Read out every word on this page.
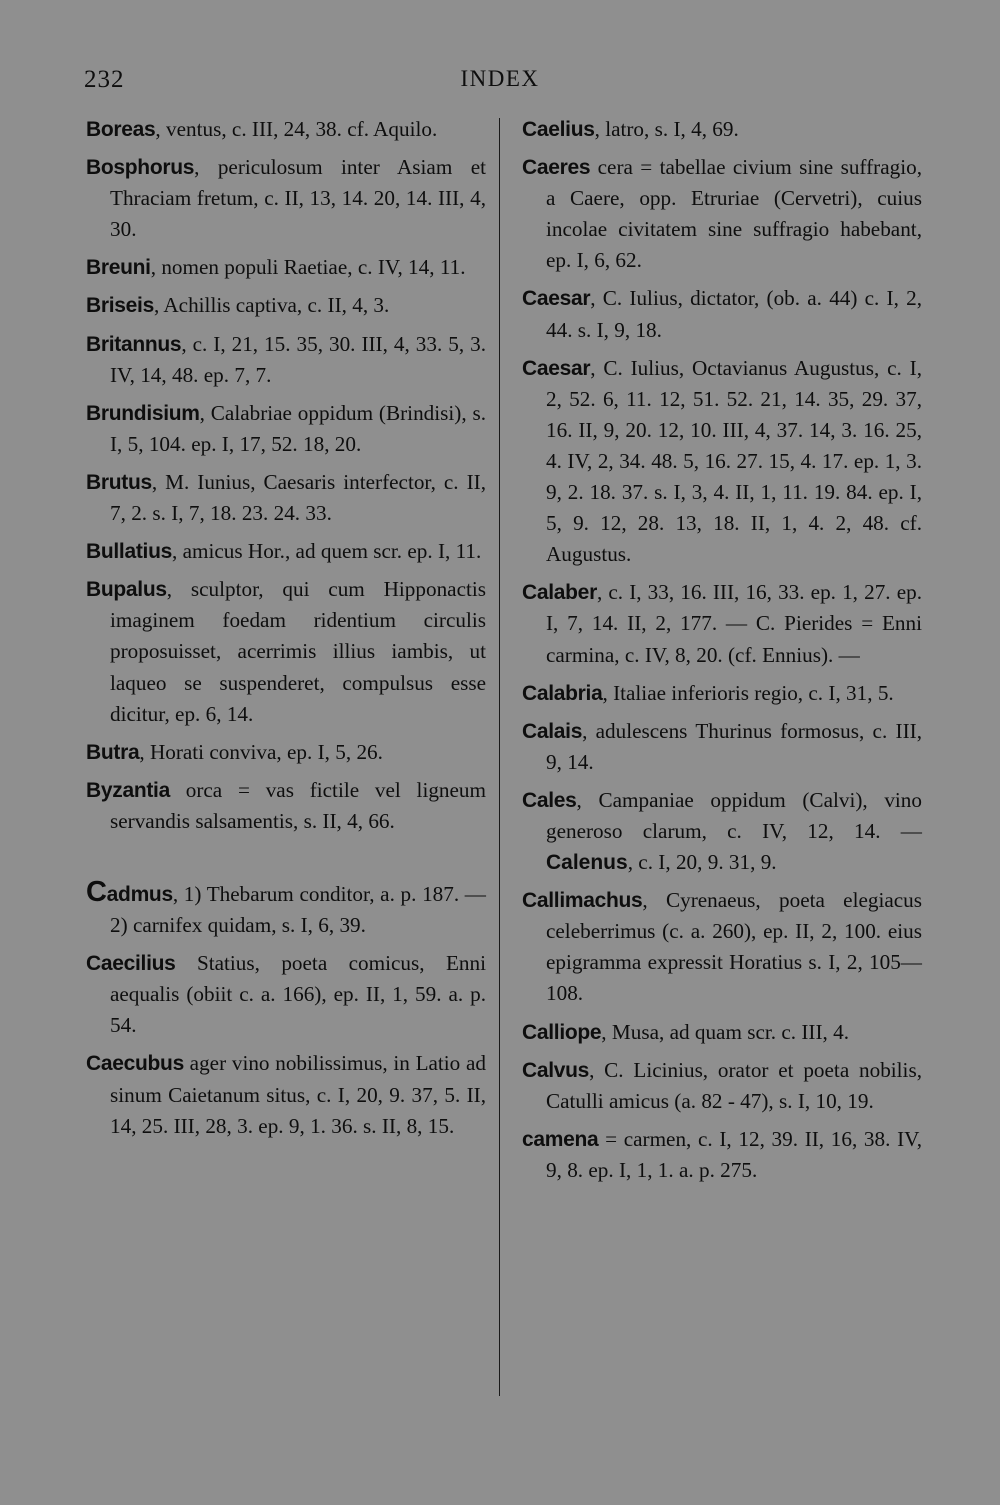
232	INDEX

Boreas, ventus, c. III, 24, 38. cf. Aquilo.

Bosphorus, periculosum inter Asiam et Thraciam fretum, c. II, 13, 14. 20, 14. III, 4, 30.

Breuni, nomen populi Raetiae, c. IV, 14, 11.

Briseis, Achillis captiva, c. II, 4, 3.

Britannus, c. I, 21, 15. 35, 30. III, 4, 33. 5, 3. IV, 14, 48. ep. 7, 7.

Brundisium, Calabriae oppidum (Brindisi), s. I, 5, 104. ep. I, 17, 52. 18, 20.

Brutus, M. Iunius, Caesaris interfector, c. II, 7, 2. s. I, 7, 18. 23. 24. 33.

Bullatius, amicus Hor., ad quem scr. ep. I, 11.

Bupalus, sculptor, qui cum Hipponactis imaginem foedam ridentium circulis proposuisset, acerrimis illius iambis, ut laqueo se suspenderet, compulsus esse dicitur, ep. 6, 14.

Butra, Horati conviva, ep. I, 5, 26.

Byzantia orca = vas fictile vel ligneum servandis salsamentis, s. II, 4, 66.

Cadmus, 1) Thebarum conditor, a. p. 187. — 2) carnifex quidam, s. I, 6, 39.

Caecilius Statius, poeta comicus, Enni aequalis (obiit c. a. 166), ep. II, 1, 59. a. p. 54.

Caecubus ager vino nobilissimus, in Latio ad sinum Caietanum situs, c. I, 20, 9. 37, 5. II, 14, 25. III, 28, 3. ep. 9, 1. 36. s. II, 8, 15.

Caelius, latro, s. I, 4, 69.

Caeres cera = tabellae civium sine suffragio, a Caere, opp. Etruriae (Cervetri), cuius incolae civitatem sine suffragio habebant, ep. I, 6, 62.

Caesar, C. Iulius, dictator, (ob. a. 44) c. I, 2, 44. s. I, 9, 18.

Caesar, C. Iulius, Octavianus Augustus, c. I, 2, 52. 6, 11. 12, 51. 52. 21, 14. 35, 29. 37, 16. II, 9, 20. 12, 10. III, 4, 37. 14, 3. 16. 25, 4. IV, 2, 34. 48. 5, 16. 27. 15, 4. 17. ep. 1, 3. 9, 2. 18. 37. s. I, 3, 4. II, 1, 11. 19. 84. ep. I, 5, 9. 12, 28. 13, 18. II, 1, 4. 2, 48. cf. Augustus.

Calaber, c. I, 33, 16. III, 16, 33. ep. 1, 27. ep. I, 7, 14. II, 2, 177. — C. Pierides = Enni carmina, c. IV, 8, 20. (cf. Ennius). —

Calabria, Italiae inferioris regio, c. I, 31, 5.

Calais, adulescens Thurinus formosus, c. III, 9, 14.

Cales, Campaniae oppidum (Calvi), vino generoso clarum, c. IV, 12, 14. — Calenus, c. I, 20, 9. 31, 9.

Callimachus, Cyrenaeus, poeta elegiacus celeberrimus (c. a. 260), ep. II, 2, 100. eius epigramma expressit Horatius s. I, 2, 105—108.

Calliope, Musa, ad quam scr. c. III, 4.

Calvus, C. Licinius, orator et poeta nobilis, Catulli amicus (a. 82 - 47), s. I, 10, 19.

camena = carmen, c. I, 12, 39. II, 16, 38. IV, 9, 8. ep. I, 1, 1. a. p. 275.
